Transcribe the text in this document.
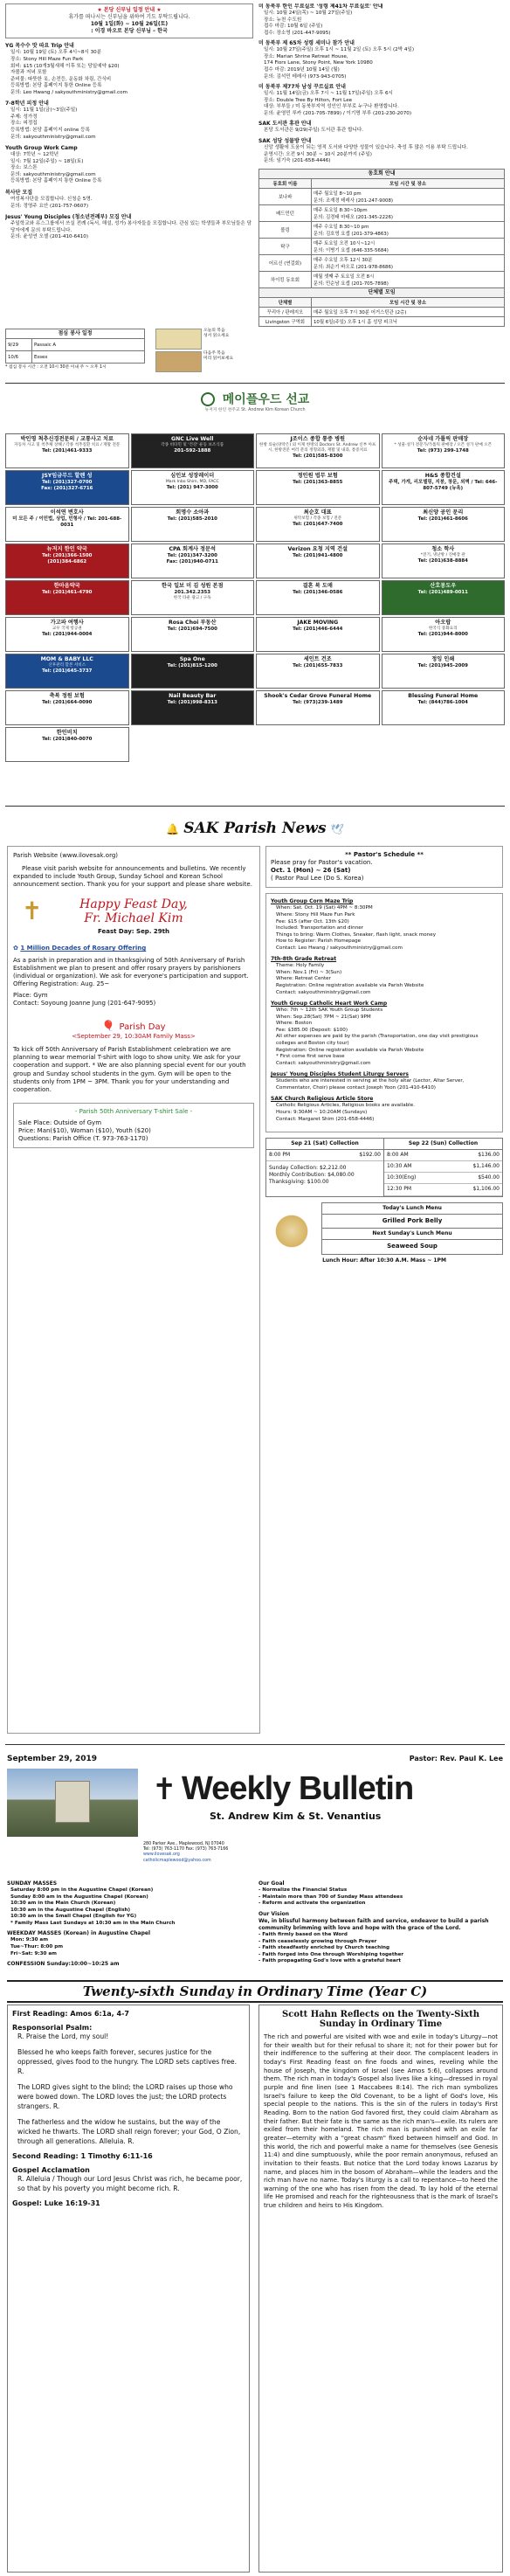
★ 본당 신부님 일정 안내 ★
휴가를 떠나시는 신부님을 위하여 기도 부탁드립니다.
10월 1일(화) ~ 10월 26일(토)
: 이경 바오로 본당 신부님 – 한국
YG 목수수 맛 따요 Trip 안내
일시: 10월 19일 (토) 오후 4시~8시 30분
장소: Stony Hill Maze Fun Park
회비: $15 (10개3월새해 이후 또는 당일예약 $20)
자볼과 저녁 포함
준비물: 따뜻한 옷, 손전등, 운동화 차림, 간식비
등록방법: 본당 홈페이지 통한 Online 등록
문의: Leo Hwang / sakyouthministry@gmail.com
7-8학년 피정 안내
일시: 11월 1일(금)~3일(주일)
주제: 성가정
장소: 피정집
등록방법: 본당 홈페이지 online 등록
문의: sakyouthministry@gmail.com
Youth Group Work Camp
대상: 7학년 ~ 12학년
일시: 7월 12일(주일) ~ 18일(토)
장소: 보스톤
문의: sakyouthministry@gmail.com
등록방법: 본당 홈페이지 통한 Online 등록
복사단 모집
여성복사단을 모집합니다. 신청순 5명.
문의: 정영주 요안 (201-757-0607)
Jesus' Young Disciples (청소년전례부) 모집 안내
주일학교와 유스그룹에서 쓰실 전례 (독서, 해설, 성가) 봉사자들을 모집합니다. 관심 있는 학생들과 부모님들은 담당자에게 문의 부탁드립니다.
문의: 윤성연 오셀 (201-410-6410)
점심 봉사 일정
9/29	Passaic A
10/6	Essex
* 점심 봉사 시간 : 오전 10시 30분 이내 주 ~ 오후 1시
오늘의 복음
성서 읽으세요
다음주 복음
미리 읽어보세요
미 동북부 한인 무료실로 '성령 제41차 무료실로' 안내
일시: 10월 24일(목) ~ 10월 27일(주일)
장소: 뉴천 수도원
접수 마감: 10월 6일 (주일)
접수: 장소영 (201-447-9095)
미 동북부 제 65차 성령 세미나 참가 안내
일시: 10월 27일(주일) 오후 1시 ~ 11월 2일 (토) 오후 5시 (2박 4일)
장소: Marian Shrine Retreat House,
174 Fiors Lane, Stony Point, New York 10980
접수 마감: 2019년 10월 14일 (월)
문의: 김석민 테레사 (973-943-0705)
미 동북부 제77차 남성 꾸르실료 안내
일시: 11월 14일(금) 오후 7시 ~ 11월 17일(주일) 오후 6시
장소: Double Tree By Hilton, Fort Lee
대상: 부부들 / 미 동북부지역 성인인 부부로 누구나 환영합니다.
문의: 윤영민 루카 (201-705-7899) / 이기명 부루 (201-230-2070)
SAK 도서관 휴관 안내
본당 도서관은 9/29(주일) 도서관 휴관 합니다.
SAK 성당 성물방 안내
신앙 생활에 도움이 되는 영적 도서와 다양한 성물이 있습니다. 축성 후 많은 이용 부탁 드립니다.
운영시간: 오전 9시 30분 ~ 10시 20분까지 (주일)
문의: 임기숙 (201-658-4446)
동호회 안내
동호회 이름	모임 시간 및 장소
보나파	매주 월요일 8~10 pm
문의: 조재경 테레사 (201-247-9008)
배드민턴	매주 토요일 8:30~10pm
문의: 김경태 마태오 (201-345-2226)
볼링	매주 수요일 8:30~10 pm
문의: 김호영 요셉 (201-379-4863)
탁구	매주 토요일 오전 10시~12시
문의: 이병기 요셉 (646-335-5684)
어르신 (연걸회)	매주 수요일 오후 12시 30분
문의: 최순기 바오로 (201-978-8686)
하이킹 동호회	매월 셋째 주 토요일 오전 8시
문의: 민순남 요셉 (201-705-7898)
단체별 모임
단체별	모임 시간 및 장소
꾸리아 / 판레지오	매주 월요일 오후 7시 30분 어거스틴관 (2층)
Livingston 구역회	10월 6일(주일) 오후 1시 홈 성당 피크닉
메이플우드 선교
뉴저지 한인 천주교 St. Andrew Kim Korean Church
박인영 척추신경전문의 / 교통사고 치료
자동차 사고 및 척추체 상해 / 각종 척추질환 치료 / 재활 전문
Tel: (201)461-9333
GNC Live Well
각종 비타민 및 '건강' 운동 보조식품
201-592-1888
J조이스 종합 통증 병원
한방 의술(양약은) 외 이제 한방의 Doctors St. Andrew 신부 아프시, 한방전문 여러 분의 정형외과, 재활 및 내과, 통증치료
Tel: (201)585-8300
순자네 가톨릭 판매장
* 성물·성가 전문가/가톨릭 판매장 / 오픈 성가 판매 오픈
Tel: (973) 299-1748
JSY임금무드 할렌 성
Tel: (201)327-0700
Fax: (201)327-6716
심인보 성장레이더
Mark Inbo Shim, MD, FACC
Tel: (201) 947-3000
정인원 법무 보험
Tel: (201)363-8855
H&S 종합건설
주택, 가게, 리모델링, 지붕, 창문, 외벽 / Tel: 646-807-5749 (뉴욕)
이석연 변호사
미 모든 주 / 이민법, 상업, 민형사 / Tel: 201-688-0031
회명수 소아과
Tel: (201)585-2010
최순호 대표
위탁보험 / 각종 보험 / 전문
Tel: (201)647-7400
최신양 공인 문리
Tel: (201)461-8606
뉴저지 한인 약국
Tel: (201)366-1500
(201)384-6862
CPA 회계사 정문석
Tel: (201)347-3200
Fax: (201)940-0711
Verizon 요청 지역 건설
Tel: (201)941-4800
청소 학사
*전기, 냉난방 / 진매장 관
Tel: (201)638-8884
한마음약국
Tel: (201)461-4790
한국 일보 미 김 성원 본점
201.342.2353
한국 타운 광고 / 구독
결혼 복 도매
Tel: (201)346-0586
산호몽도우
Tel: (201)489-0011
가고파 여행사
교우 국제 항공권
Tel: (201)944-0004
Rosa Choi 부동산
Tel: (201)694-7500
JAKE MOVING
Tel: (201)446-6444
아오랍
한국식 중화요리
Tel: (201)944-8000
MOM & BABY LLC
산후관리 할본 서비스
Tel: (201)645-3737
Spa One
Tel: (201)815-1200
세인트 건조
Tel: (201)655-7833
정잉 인쇄
Tel: (201)945-2009
축복 정원 보험
Tel: (201)664-0090
Nail Beauty Bar
Tel: (201)998-8313
Shook's Cedar Grove Funeral Home
Tel: (973)239-1489
Blessing Funeral Home
Tel: (844)786-1004
한인비치
Tel: (201)840-0070
🔔 SAK Parish News 🕊
Parish Website (www.ilovesak.org)
Please visit parish website for announcements and bulletins. We recently expanded to include Youth Group, Sunday School and Korean School announcement section. Thank you for your support and please share website.
✝	Happy Feast Day,
Fr. Michael Kim
Feast Day: Sep. 29th
✿ 1 Million Decades of Rosary Offering
As a parish in preparation and in thanksgiving of 50th Anniversary of Parish Establishment we plan to present and offer rosary prayers by parishioners (individual or organization). We ask for everyone's participation and support. Offering Registration: Aug. 25~
Place: Gym
Contact: Soyoung Joanne Jung (201-647-9095)
🎈 Parish Day
<September 29, 10:30AM Family Mass>
To kick off 50th Anniversary of Parish Establishment celebration we are planning to wear memorial T-shirt with logo to show unity. We ask for your cooperation and support. * We are also planning special event for our youth group and Sunday school students in the gym. Gym will be open to the students only from 1PM ~ 3PM. Thank you for your understanding and cooperation.
- Parish 50th Anniversary T-shirt Sale -
Sale Place: Outside of Gym
Price: Man($10), Woman ($10), Youth ($20)
Questions: Parish Office (T. 973-763-1170)
** Pastor's Schedule **
Please pray for Pastor's vacation.
Oct. 1 (Mon) ~ 26 (Sat)
( Pastor Paul Lee (Do S. Korea)
Youth Group Corn Maze Trip
When: Sat. Oct. 19 (Sat) 4PM ~ 8:30PM
Where: Stony Hill Maze Fun Park
Fee: $15 (after Oct. 13th $20)
Included: Transportation and dinner
Things to bring: Warm Clothes, Sneaker, flash light, snack money
How to Register: Parish Homepage
Contact: Leo Hwang / sakyouthministry@gmail.com
7th-8th Grade Retreat
Theme: Holy Family
When: Nov.1 (Fri) ~ 3(Sun)
Where: Retreat Center
Registration: Online registration available via Parish Website
Contact: sakyouthministry@gmail.com
Youth Group Catholic Heart Work Camp
Who: 7th ~ 12th SAK Youth Group Students
When: Sep.28(Sat) 7PM ~ 21(Sat) 9PM
Where: Boston
Fee: $385.00 (Deposit: $100)
All other expenses are paid by the parish (Transportation, one day visit prestigious colleges and Boston city tour)
Registration: Online registration available via Parish Website
* First come first serve base
Contact: sakyouthministry@gmail.com
Jesus' Young Disciples Student Liturgy Servers
Students who are interested in serving at the holy altar (Lector, Altar Server, Commentator, Choir) please contact Joseph Yoon (201-410-6410)
SAK Church Religious Article Store
Catholic Religious Articles, Religious books are available.
Hours: 9:30AM ~ 10:20AM (Sundays)
Contact: Margaret Shim (201-658-4446)
Sep 21 (Sat) Collection
8:00 PM	$192.00
Sunday Collection: $2,212.00
Monthly Contribution: $4,080.00
Thanksgiving: $100.00
Sep 22 (Sun) Collection
8:00 AM	$136.00
10:30 AM	$1,146.00
10:30(Eng)	$540.00
12:30 PM	$1,106.00
Today's Lunch Menu
Grilled Pork Belly
Next Sunday's Lunch Menu
Seaweed Soup
Lunch Hour: After 10:30 A.M. Mass ~ 1PM
September 29, 2019	Pastor: Rev. Paul K. Lee
Weekly Bulletin
St. Andrew Kim & St. Venantius
✝
280 Parker Ave., Maplewood, NJ 07040
Tel: (973) 763-1170 Fax: (973) 763-7166
www.ilovesak.org
catholicmaplewood@yahoo.com
SUNDAY MASSES
Saturday 8:00 pm in the Augustine Chapel (Korean)
Sunday 8:00 am in the Augustine Chapel (Korean)
10:30 am in the Main Church (Korean)
10:30 am in the Augustine Chapel (English)
10:30 am in the Small Chapel (English for YG)
* Family Mass Last Sundays at 10:30 am in the Main Church
WEEKDAY MASSES (Korean) in Augustine Chapel
Mon: 9:30 am
Tue~Thur: 8:00 pm
Fri~Sat: 9:30 am
CONFESSION Sunday:10:00~10:25 am
Our Goal
- Normalize the Financial Status
- Maintain more than 700 of Sunday Mass attendees
- Reform and activate the organization
Our Vision
We, in blissful harmony between faith and service, endeavor to build a parish community brimming with love and hope with the grace of the Lord.
- Faith firmly based on the Word
- Faith ceaselessly growing through Prayer
- Faith steadfastly enriched by Church teaching
- Faith forged into One through Worshiping together
- Faith propagating God's love with a grateful heart
Twenty-sixth Sunday in Ordinary Time (Year C)
First Reading: Amos 6:1a, 4-7
Responsorial Psalm:
R. Praise the Lord, my soul!
Blessed he who keeps faith forever, secures justice for the oppressed, gives food to the hungry. The LORD sets captives free. R.
The LORD gives sight to the blind; the LORD raises up those who were bowed down. The LORD loves the just; the LORD protects strangers. R.
The fatherless and the widow he sustains, but the way of the wicked he thwarts. The LORD shall reign forever; your God, O Zion, through all generations. Alleluia. R.
Second Reading: 1 Timothy 6:11-16
Gospel Acclamation
R. Alleluia / Though our Lord Jesus Christ was rich, he became poor, so that by his poverty you might become rich. R.
Gospel: Luke 16:19-31
Scott Hahn Reflects on the Twenty-Sixth Sunday in Ordinary Time
The rich and powerful are visited with woe and exile in today's Liturgy—not for their wealth but for their refusal to share it; not for their power but for their indifference to the suffering at their door. The complacent leaders in today's First Reading feast on fine foods and wines, reveling while the house of Joseph, the kingdom of Israel (see Amos 5:6), collapses around them. The rich man in today's Gospel also lives like a king—dressed in royal purple and fine linen (see 1 Maccabees 8:14). The rich man symbolizes Israel's failure to keep the Old Covenant, to be a light of God's love, His special people to the nations. This is the sin of the rulers in today's First Reading. Born to the nation God favored first, they could claim Abraham as their father. But their fate is the same as the rich man's—exile. Its rulers are exiled from their homeland. The rich man is punished with an exile far greater—eternity with a "great chasm" fixed between himself and God. In this world, the rich and powerful make a name for themselves (see Genesis 11:4) and dine sumptuously, while the poor remain anonymous, refused an invitation to their feasts. But notice that the Lord today knows Lazarus by name, and places him in the bosom of Abraham—while the leaders and the rich man have no name. Today's liturgy is a call to repentance—to heed the warning of the one who has risen from the dead. To lay hold of the eternal life He promised and reach for the righteousness that is the mark of Israel's true children and heirs to His Kingdom.
